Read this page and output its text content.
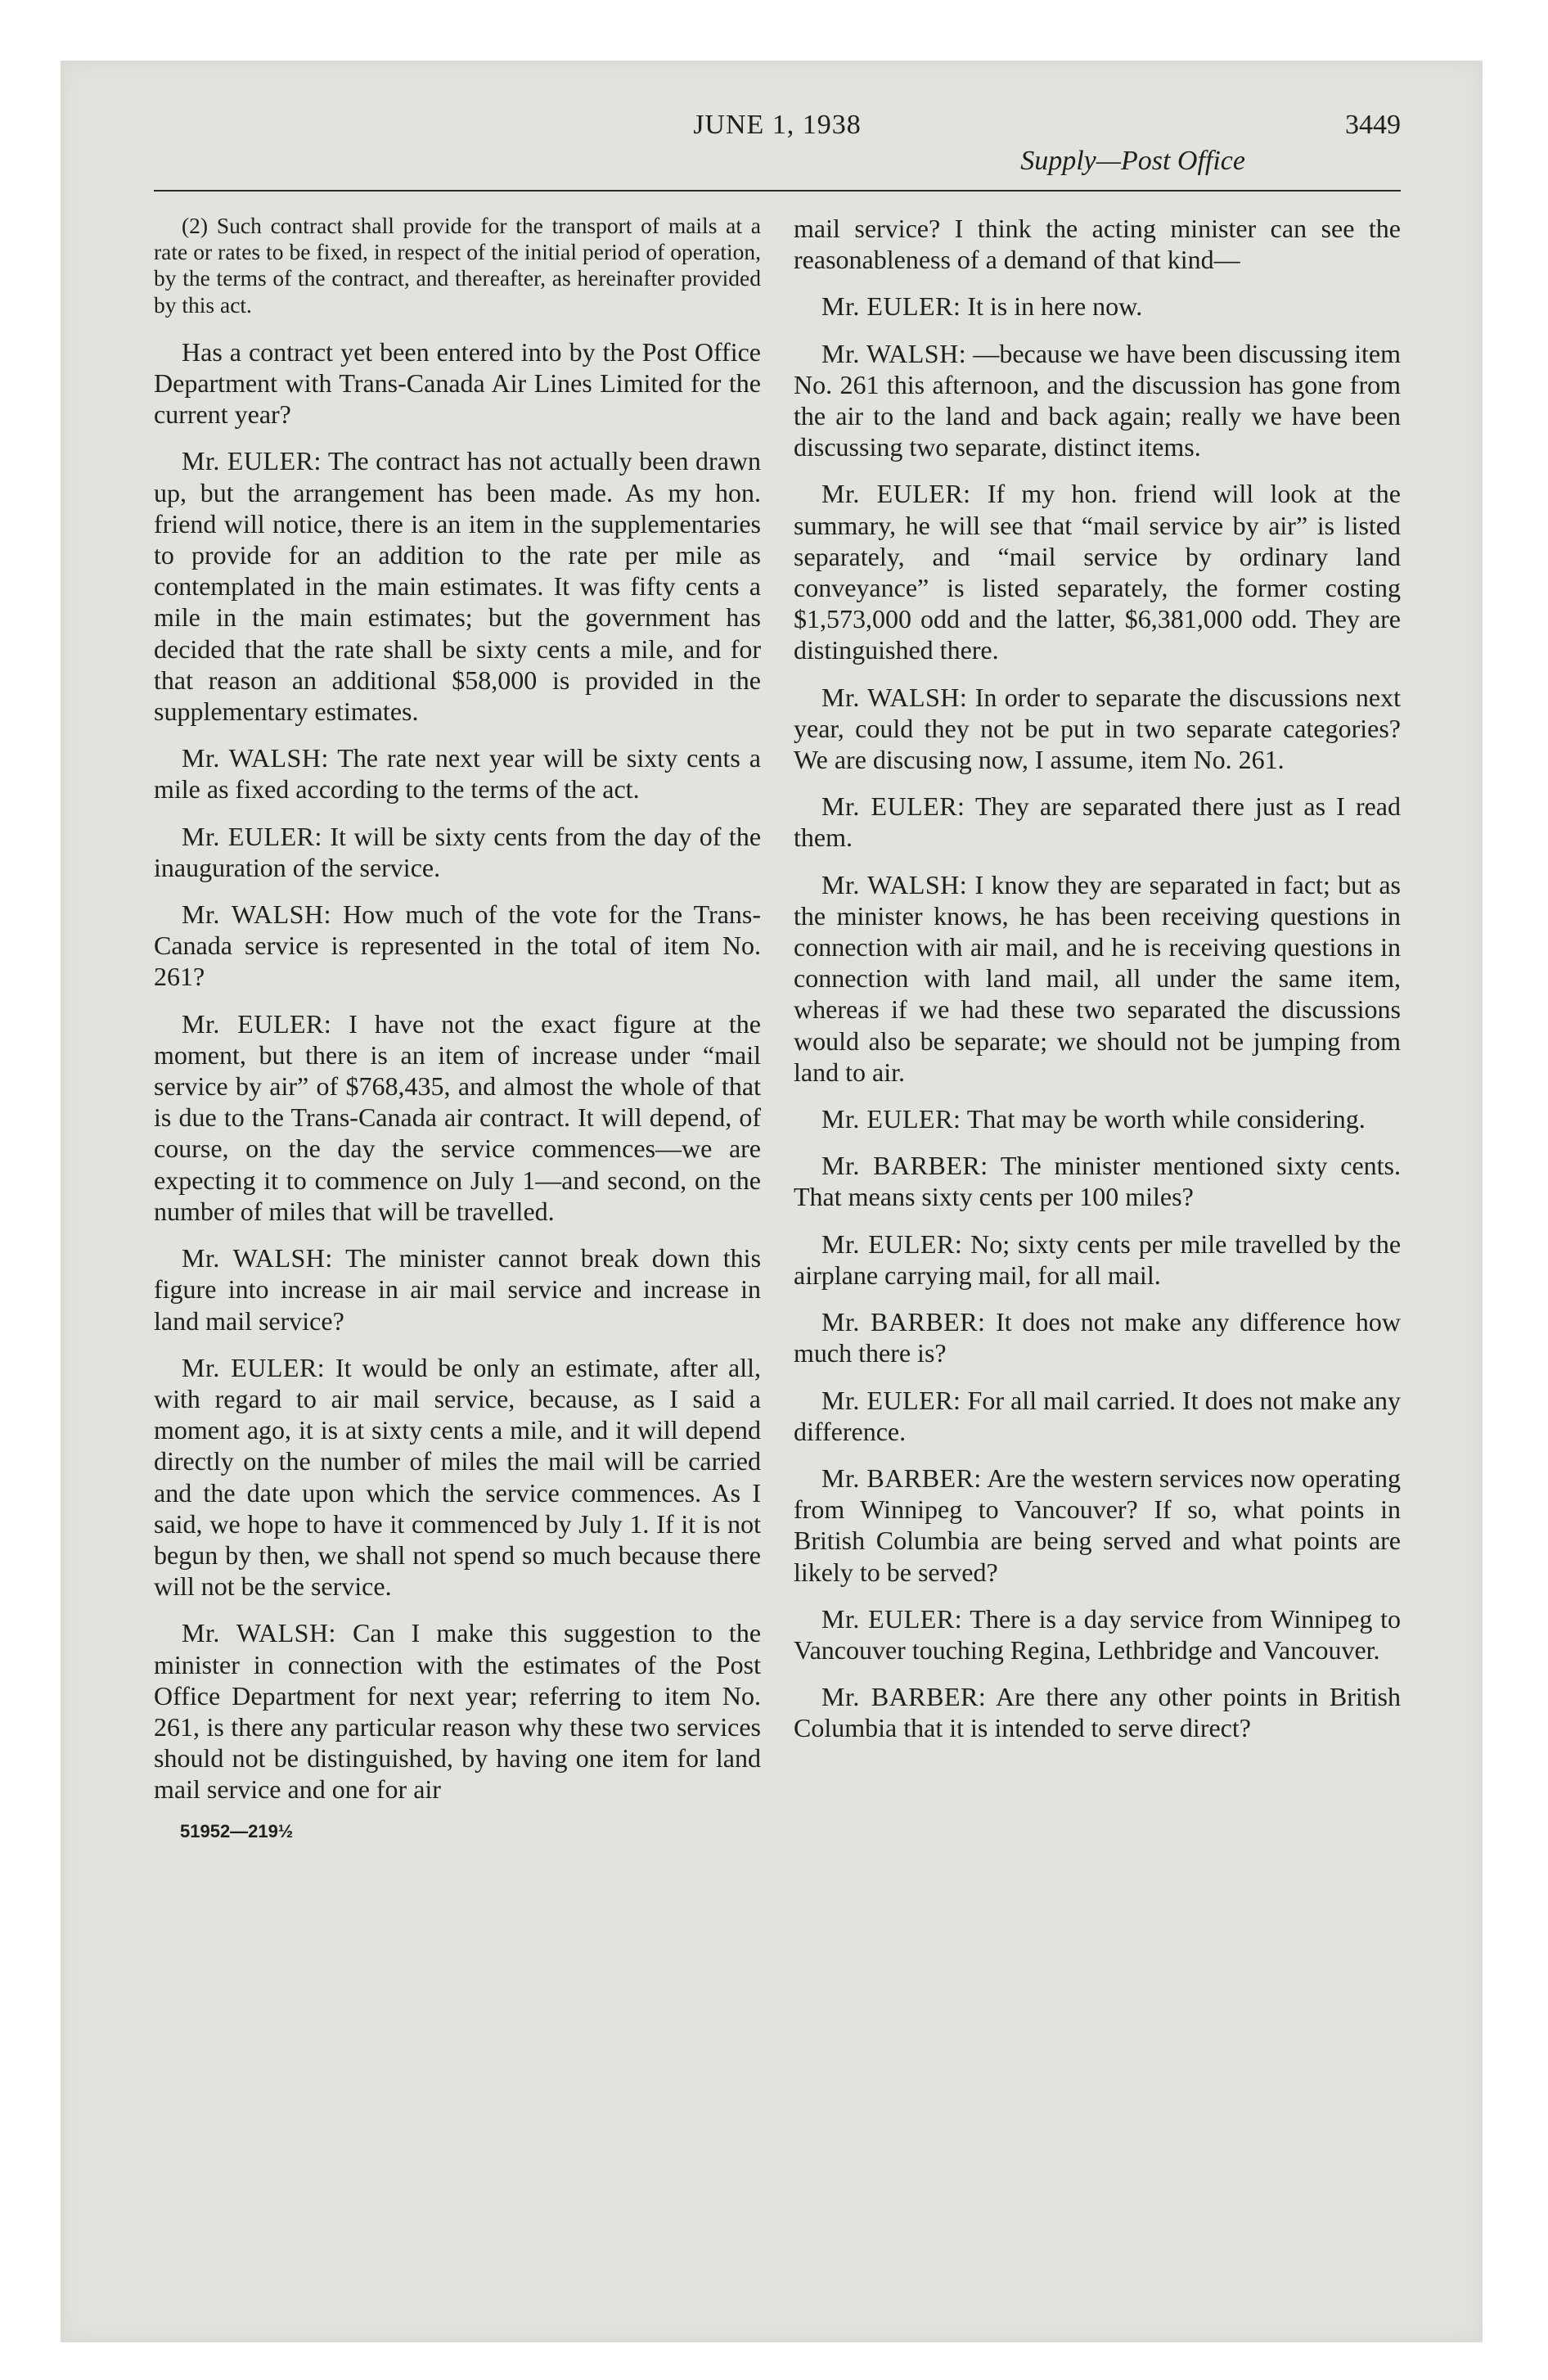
JUNE 1, 1938	3449
Supply—Post Office

(2) Such contract shall provide for the transport of mails at a rate or rates to be fixed, in respect of the initial period of operation, by the terms of the contract, and thereafter, as hereinafter provided by this act.

Has a contract yet been entered into by the Post Office Department with Trans-Canada Air Lines Limited for the current year?

Mr. EULER: The contract has not actually been drawn up, but the arrangement has been made. As my hon. friend will notice, there is an item in the supplementaries to provide for an addition to the rate per mile as contemplated in the main estimates. It was fifty cents a mile in the main estimates; but the government has decided that the rate shall be sixty cents a mile, and for that reason an additional $58,000 is provided in the supplementary estimates.

Mr. WALSH: The rate next year will be sixty cents a mile as fixed according to the terms of the act.

Mr. EULER: It will be sixty cents from the day of the inauguration of the service.

Mr. WALSH: How much of the vote for the Trans-Canada service is represented in the total of item No. 261?

Mr. EULER: I have not the exact figure at the moment, but there is an item of increase under “mail service by air” of $768,435, and almost the whole of that is due to the Trans-Canada air contract. It will depend, of course, on the day the service commences—we are expecting it to commence on July 1—and second, on the number of miles that will be travelled.

Mr. WALSH: The minister cannot break down this figure into increase in air mail service and increase in land mail service?

Mr. EULER: It would be only an estimate, after all, with regard to air mail service, because, as I said a moment ago, it is at sixty cents a mile, and it will depend directly on the number of miles the mail will be carried and the date upon which the service commences. As I said, we hope to have it commenced by July 1. If it is not begun by then, we shall not spend so much because there will not be the service.

Mr. WALSH: Can I make this suggestion to the minister in connection with the estimates of the Post Office Department for next year; referring to item No. 261, is there any particular reason why these two services should not be distinguished, by having one item for land mail service and one for air

51952—219½

mail service? I think the acting minister can see the reasonableness of a demand of that kind—

Mr. EULER: It is in here now.

Mr. WALSH: —because we have been discussing item No. 261 this afternoon, and the discussion has gone from the air to the land and back again; really we have been discussing two separate, distinct items.

Mr. EULER: If my hon. friend will look at the summary, he will see that “mail service by air” is listed separately, and “mail service by ordinary land conveyance” is listed separately, the former costing $1,573,000 odd and the latter, $6,381,000 odd. They are distinguished there.

Mr. WALSH: In order to separate the discussions next year, could they not be put in two separate categories? We are discusing now, I assume, item No. 261.

Mr. EULER: They are separated there just as I read them.

Mr. WALSH: I know they are separated in fact; but as the minister knows, he has been receiving questions in connection with air mail, and he is receiving questions in connection with land mail, all under the same item, whereas if we had these two separated the discussions would also be separate; we should not be jumping from land to air.

Mr. EULER: That may be worth while considering.

Mr. BARBER: The minister mentioned sixty cents. That means sixty cents per 100 miles?

Mr. EULER: No; sixty cents per mile travelled by the airplane carrying mail, for all mail.

Mr. BARBER: It does not make any difference how much there is?

Mr. EULER: For all mail carried. It does not make any difference.

Mr. BARBER: Are the western services now operating from Winnipeg to Vancouver? If so, what points in British Columbia are being served and what points are likely to be served?

Mr. EULER: There is a day service from Winnipeg to Vancouver touching Regina, Lethbridge and Vancouver.

Mr. BARBER: Are there any other points in British Columbia that it is intended to serve direct?
